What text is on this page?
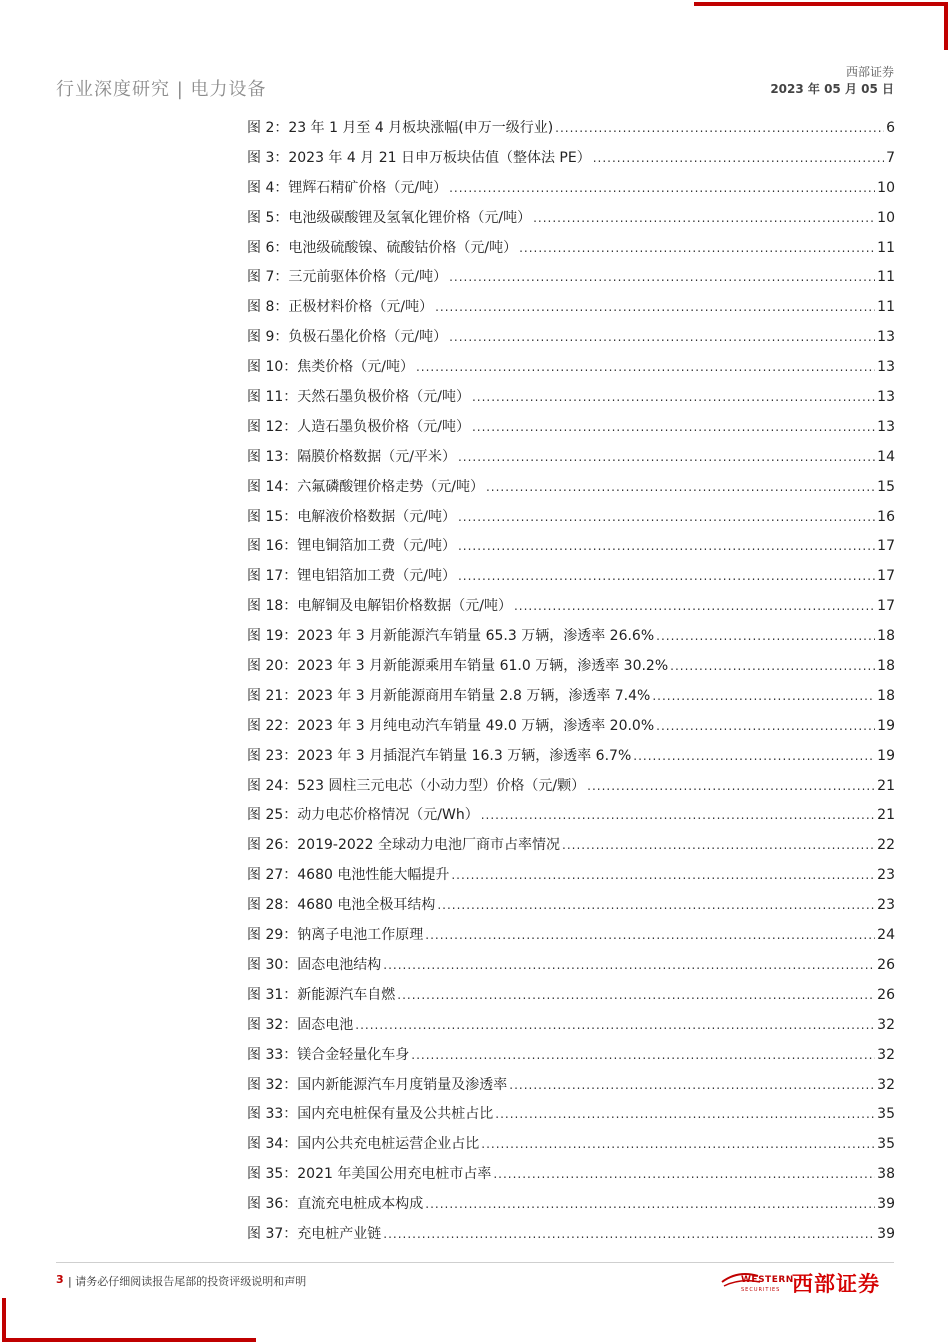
行业深度研究 | 电力设备
西部证券
2023 年 05 月 05 日
图 2：23 年 1 月至 4 月板块涨幅(申万一级行业) .....	6
图 3：2023 年 4 月 21 日申万板块估值（整体法 PE） .....	7
图 4：锂辉石精矿价格（元/吨） .....	10
图 5：电池级碳酸锂及氢氧化锂价格（元/吨） .....	10
图 6：电池级硫酸镍、硫酸钴价格（元/吨） .....	11
图 7：三元前驱体价格（元/吨） .....	11
图 8：正极材料价格（元/吨） .....	11
图 9：负极石墨化价格（元/吨） .....	13
图 10：焦类价格（元/吨） .....	13
图 11：天然石墨负极价格（元/吨） .....	13
图 12：人造石墨负极价格（元/吨） .....	13
图 13：隔膜价格数据（元/平米） .....	14
图 14：六氟磷酸锂价格走势（元/吨） .....	15
图 15：电解液价格数据（元/吨） .....	16
图 16：锂电铜箔加工费（元/吨） .....	17
图 17：锂电铝箔加工费（元/吨） .....	17
图 18：电解铜及电解铝价格数据（元/吨） .....	17
图 19：2023 年 3 月新能源汽车销量 65.3 万辆，渗透率 26.6% .....	18
图 20：2023 年 3 月新能源乘用车销量 61.0 万辆，渗透率 30.2% .....	18
图 21：2023 年 3 月新能源商用车销量 2.8 万辆，渗透率 7.4% .....	18
图 22：2023 年 3 月纯电动汽车销量 49.0 万辆，渗透率 20.0% .....	19
图 23：2023 年 3 月插混汽车销量 16.3 万辆，渗透率 6.7% .....	19
图 24：523 圆柱三元电芯（小动力型）价格（元/颗） .....	21
图 25：动力电芯价格情况（元/Wh） .....	21
图 26：2019-2022 全球动力电池厂商市占率情况 .....	22
图 27：4680 电池性能大幅提升 .....	23
图 28：4680 电池全极耳结构 .....	23
图 29：钠离子电池工作原理 .....	24
图 30：固态电池结构 .....	26
图 31：新能源汽车自燃 .....	26
图 32：固态电池 .....	32
图 33：镁合金轻量化车身 .....	32
图 32：国内新能源汽车月度销量及渗透率 .....	32
图 33：国内充电桩保有量及公共桩占比 .....	35
图 34：国内公共充电桩运营企业占比 .....	35
图 35：2021 年美国公用充电桩市占率 .....	38
图 36：直流充电桩成本构成 .....	39
图 37：充电桩产业链 .....	39
3 | 请务必仔细阅读报告尾部的投资评级说明和声明	WESTERN
SECURITIES 西部证券
